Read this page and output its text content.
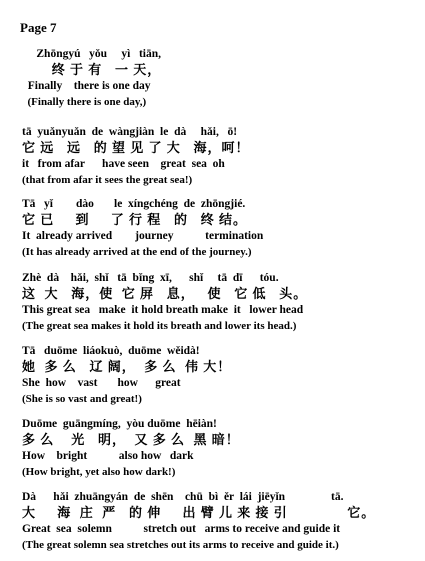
Page 7
Zhōngyú   yǒu     yì   tiān,
终 于 有   一 天，
Finally    there is one day
(Finally there is one day,)
tā  yuǎnyuǎn  de  wàngjiàn  le  dà     hǎi,   ō!
它 远   远   的 望 见 了 大   海，呵！
it   from afar      have seen    great  sea  oh
(that from afar it sees the great sea!)
Tā   yǐ        dào       le  xíngchéng  de  zhōngjié.
它 已     到     了 行 程   的   终 结。
It  already arrived        journey           termination
(It has already arrived at the end of the journey.)
Zhè  dà    hǎi,  shǐ   tā  bǐng  xī,      shǐ     tā  dī      tóu.
这  大   海，使  它 屏   息，   使   它 低   头。
This great sea   make  it hold breath make  it   lower head
(The great sea makes it hold its breath and lower its head.)
Tā   duōme  liáokuò,  duōme  wěidà!
她  多 么   辽 阔，  多 么  伟 大！
She  how    vast       how      great
(She is so vast and great!)
Duōme  guāngmíng,  yòu duōme  hēiàn!
多 么    光   明，  又 多 么  黑 暗！
How    bright           also how   dark
(How bright, yet also how dark!)
Dà      hǎi  zhuāngyán  de  shēn    chū  bì  ěr  lái  jiēyǐn                tā.
大     海  庄  严   的 伸     出 臂 儿 来 接 引              它。
Great  sea  solemn           stretch out   arms to receive and guide it
(The great solemn sea stretches out its arms to receive and guide it.)
